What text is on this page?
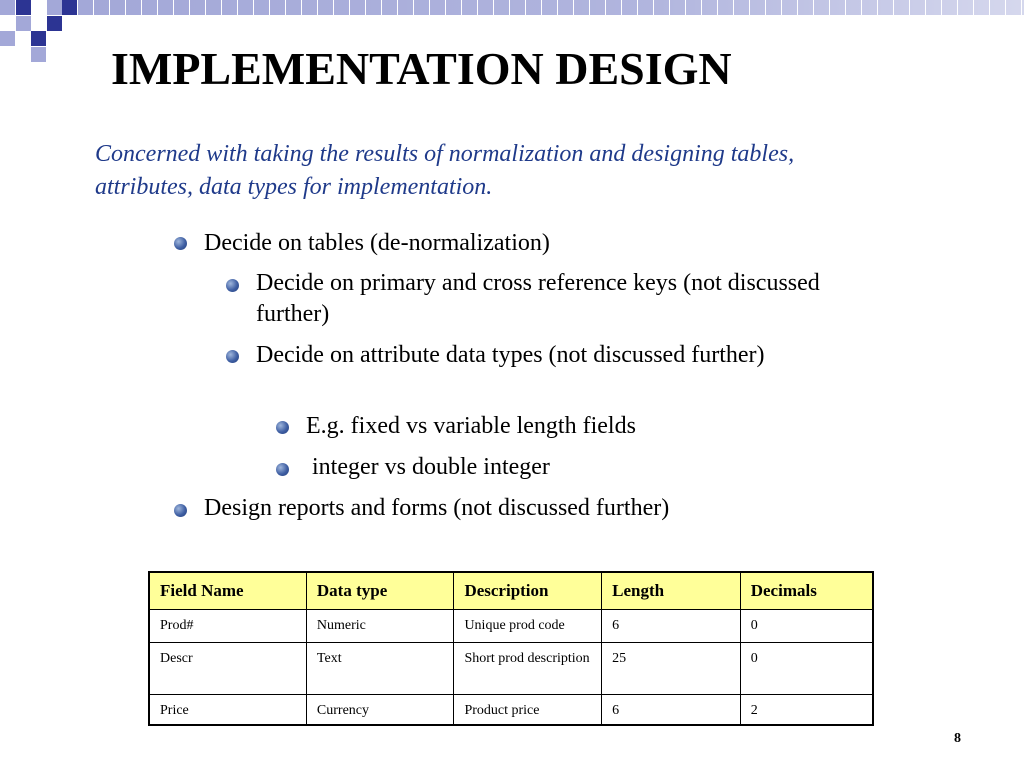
IMPLEMENTATION DESIGN
Concerned with taking the results of normalization and designing tables, attributes, data types for implementation.
Decide on tables (de-normalization)
Decide on primary and cross reference keys (not discussed further)
Decide on attribute data types (not discussed further)
E.g. fixed vs variable length fields
integer vs double integer
Design reports and forms (not discussed further)
Field Name	Data type	Description	Length	Decimals
Prod#	Numeric	Unique prod code	6	0
Descr	Text	Short prod description	25	0
Price	Currency	Product price	6	2
8
